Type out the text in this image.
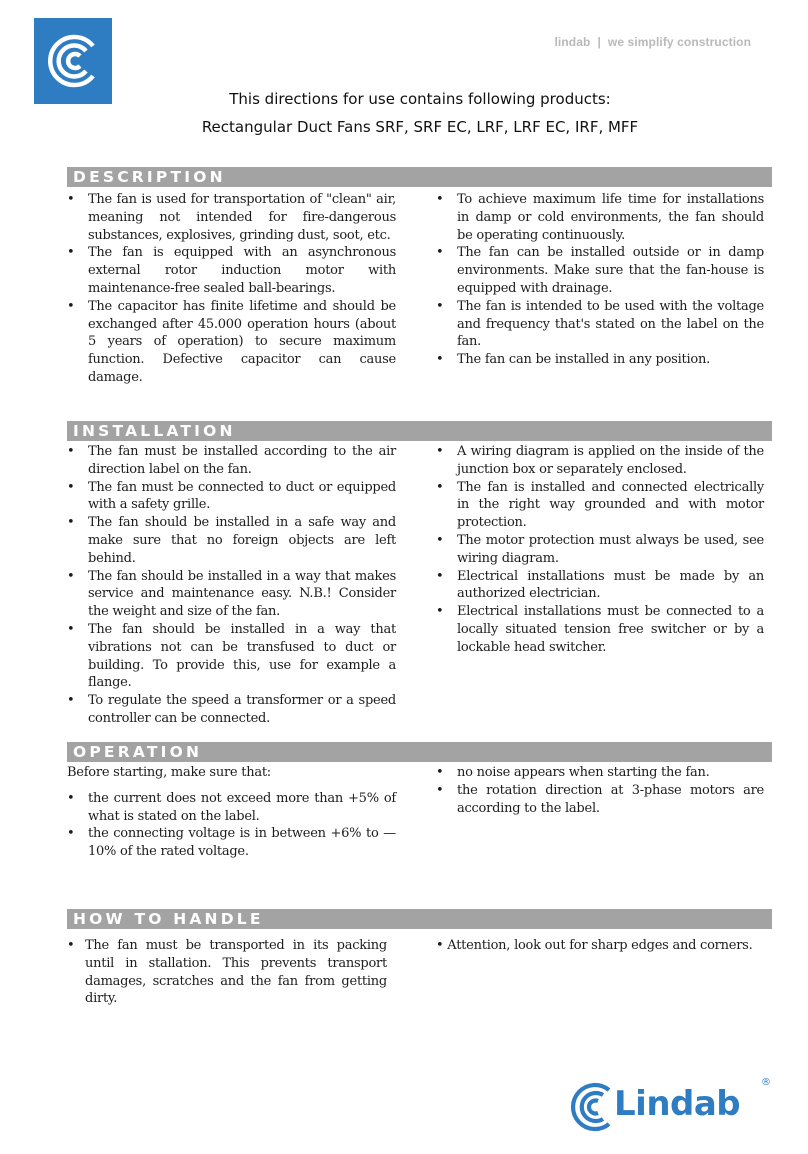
lindab | we simplify construction
This directions for use contains following products:
Rectangular Duct Fans SRF, SRF EC, LRF, LRF EC, IRF, MFF
DESCRIPTION
• The fan is used for transportation of "clean" air, meaning not intended for fire-dangerous substances, explosives, grinding dust, soot, etc.
• The fan is equipped with an asynchronous external rotor induction motor with maintenance-free sealed ball-bearings.
• The capacitor has finite lifetime and should be exchanged after 45.000 operation hours (about 5 years of operation) to secure maximum function. Defective capacitor can cause damage.
• To achieve maximum life time for installations in damp or cold environments, the fan should be operating continuously.
• The fan can be installed outside or in damp environments. Make sure that the fan-house is equipped with drainage.
• The fan is intended to be used with the voltage and frequency that's stated on the label on the fan.
• The fan can be installed in any position.
INSTALLATION
• The fan must be installed according to the air direction label on the fan.
• The fan must be connected to duct or equipped with a safety grille.
• The fan should be installed in a safe way and make sure that no foreign objects are left behind.
• The fan should be installed in a way that makes service and maintenance easy. N.B.! Consider the weight and size of the fan.
• The fan should be installed in a way that vibrations not can be transfused to duct or building. To provide this, use for example a flange.
• To regulate the speed a transformer or a speed controller can be connected.
• A wiring diagram is applied on the inside of the junction box or separately enclosed.
• The fan is installed and connected electrically in the right way grounded and with motor protection.
• The motor protection must always be used, see wiring diagram.
• Electrical installations must be made by an authorized electrician.
• Electrical installations must be connected to a locally situated tension free switcher or by a lockable head switcher.
OPERATION
Before starting, make sure that:
• the current does not exceed more than +5% of what is stated on the label.
• the connecting voltage is in between +6% to —10% of the rated voltage.
• no noise appears when starting the fan.
• the rotation direction at 3-phase motors are according to the label.
HOW TO HANDLE
• The fan must be transported in its packing until in stallation. This prevents transport damages, scratches and the fan from getting dirty.
• Attention, look out for sharp edges and corners.
Lindab
®
